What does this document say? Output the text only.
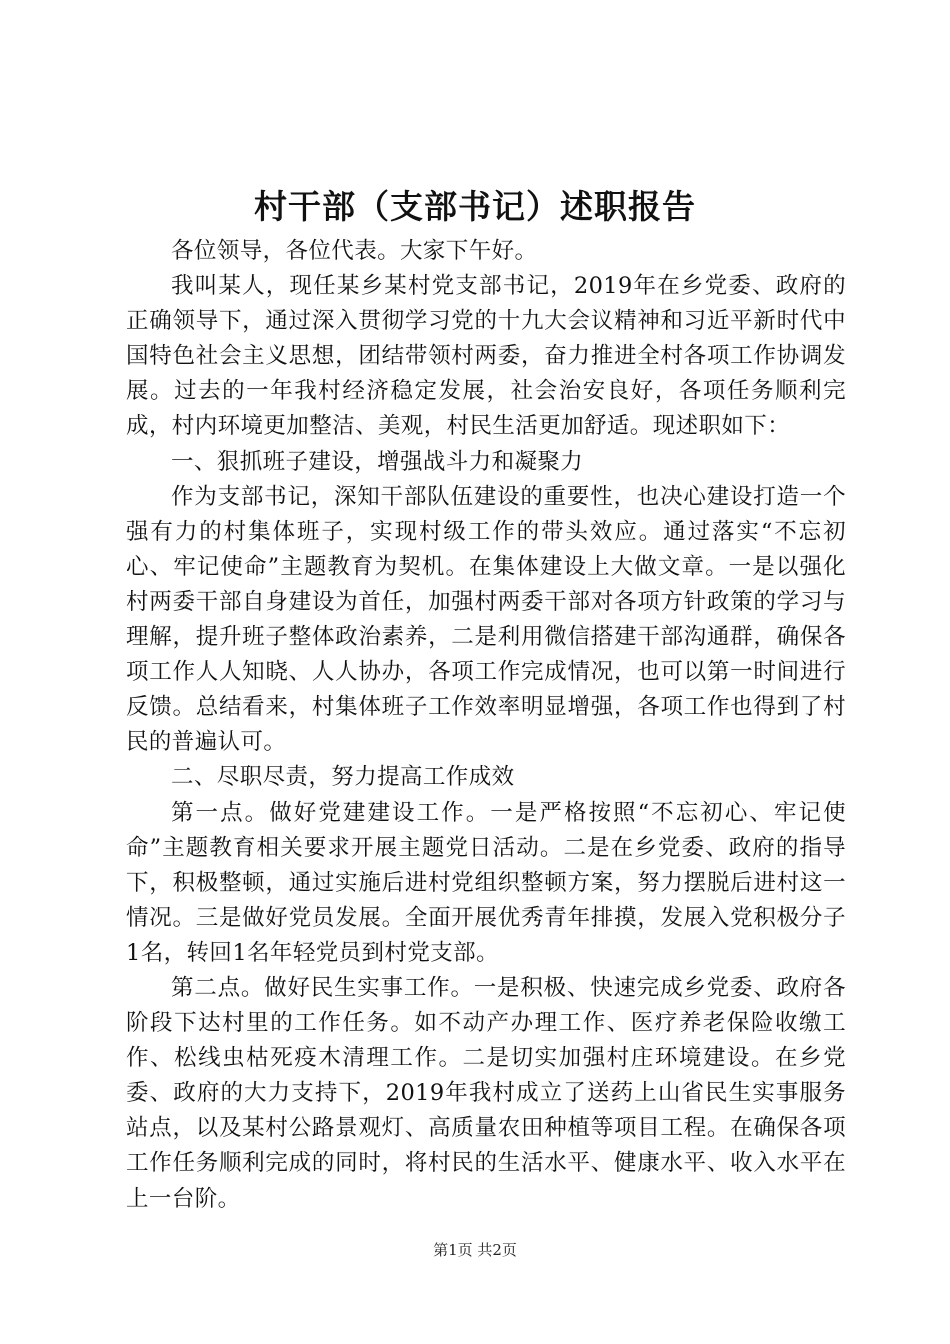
村干部（支部书记）述职报告

各位领导，各位代表。大家下午好。

我叫某人，现任某乡某村党支部书记，2019年在乡党委、政府的正确领导下，通过深入贯彻学习党的十九大会议精神和习近平新时代中国特色社会主义思想，团结带领村两委，奋力推进全村各项工作协调发展。过去的一年我村经济稳定发展，社会治安良好，各项任务顺利完成，村内环境更加整洁、美观，村民生活更加舒适。现述职如下：

一、狠抓班子建设，增强战斗力和凝聚力

作为支部书记，深知干部队伍建设的重要性，也决心建设打造一个强有力的村集体班子，实现村级工作的带头效应。通过落实“不忘初心、牢记使命”主题教育为契机。在集体建设上大做文章。一是以强化村两委干部自身建设为首任，加强村两委干部对各项方针政策的学习与理解，提升班子整体政治素养，二是利用微信搭建干部沟通群，确保各项工作人人知晓、人人协办，各项工作完成情况，也可以第一时间进行反馈。总结看来，村集体班子工作效率明显增强，各项工作也得到了村民的普遍认可。

二、尽职尽责，努力提高工作成效

第一点。做好党建建设工作。一是严格按照“不忘初心、牢记使命”主题教育相关要求开展主题党日活动。二是在乡党委、政府的指导下，积极整顿，通过实施后进村党组织整顿方案，努力摆脱后进村这一情况。三是做好党员发展。全面开展优秀青年排摸，发展入党积极分子1名，转回1名年轻党员到村党支部。

第二点。做好民生实事工作。一是积极、快速完成乡党委、政府各阶段下达村里的工作任务。如不动产办理工作、医疗养老保险收缴工作、松线虫枯死疫木清理工作。二是切实加强村庄环境建设。在乡党委、政府的大力支持下，2019年我村成立了送药上山省民生实事服务站点，以及某村公路景观灯、高质量农田种植等项目工程。在确保各项工作任务顺利完成的同时，将村民的生活水平、健康水平、收入水平在上一台阶。

第1页 共2页
